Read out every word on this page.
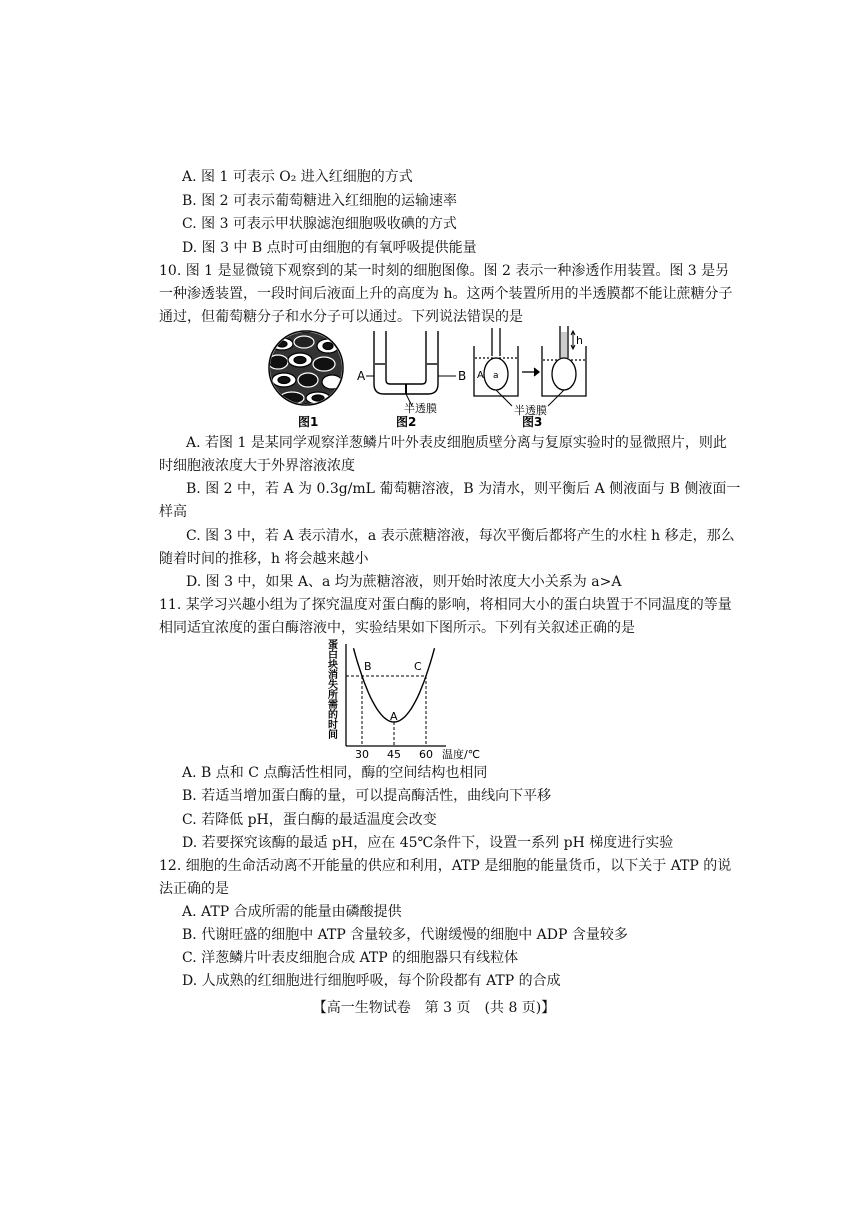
A. 图 1 可表示 O₂ 进入红细胞的方式
B. 图 2 可表示葡萄糖进入红细胞的运输速率
C. 图 3 可表示甲状腺滤泡细胞吸收碘的方式
D. 图 3 中 B 点时可由细胞的有氧呼吸提供能量
10. 图 1 是显微镜下观察到的某一时刻的细胞图像。图 2 表示一种渗透作用装置。图 3 是另
一种渗透装置，一段时间后液面上升的高度为 h。这两个装置所用的半透膜都不能让蔗糖分子
通过，但葡萄糖分子和水分子可以通过。下列说法错误的是
图1
A	B
半透膜
图2
A a
h
半透膜
图3
A. 若图 1 是某同学观察洋葱鳞片叶外表皮细胞质壁分离与复原实验时的显微照片，则此
时细胞液浓度大于外界溶液浓度
B. 图 2 中，若 A 为 0.3g/mL 葡萄糖溶液，B 为清水，则平衡后 A 侧液面与 B 侧液面一
样高
C. 图 3 中，若 A 表示清水，a 表示蔗糖溶液，每次平衡后都将产生的水柱 h 移走，那么
随着时间的推移，h 将会越来越小
D. 图 3 中，如果 A、a 均为蔗糖溶液，则开始时浓度大小关系为 a>A
11. 某学习兴趣小组为了探究温度对蛋白酶的影响，将相同大小的蛋白块置于不同温度的等量
相同适宜浓度的蛋白酶溶液中，实验结果如下图所示。下列有关叙述正确的是
蛋
白
块
消
失
所
需
的
时
间
B
A
C
30 45 60 温度/℃
A. B 点和 C 点酶活性相同，酶的空间结构也相同
B. 若适当增加蛋白酶的量，可以提高酶活性，曲线向下平移
C. 若降低 pH，蛋白酶的最适温度会改变
D. 若要探究该酶的最适 pH，应在 45℃条件下，设置一系列 pH 梯度进行实验
12. 细胞的生命活动离不开能量的供应和利用，ATP 是细胞的能量货币，以下关于 ATP 的说
法正确的是
A. ATP 合成所需的能量由磷酸提供
B. 代谢旺盛的细胞中 ATP 含量较多，代谢缓慢的细胞中 ADP 含量较多
C. 洋葱鳞片叶表皮细胞合成 ATP 的细胞器只有线粒体
D. 人成熟的红细胞进行细胞呼吸，每个阶段都有 ATP 的合成
【高一生物试卷　第 3 页　(共 8 页)】
